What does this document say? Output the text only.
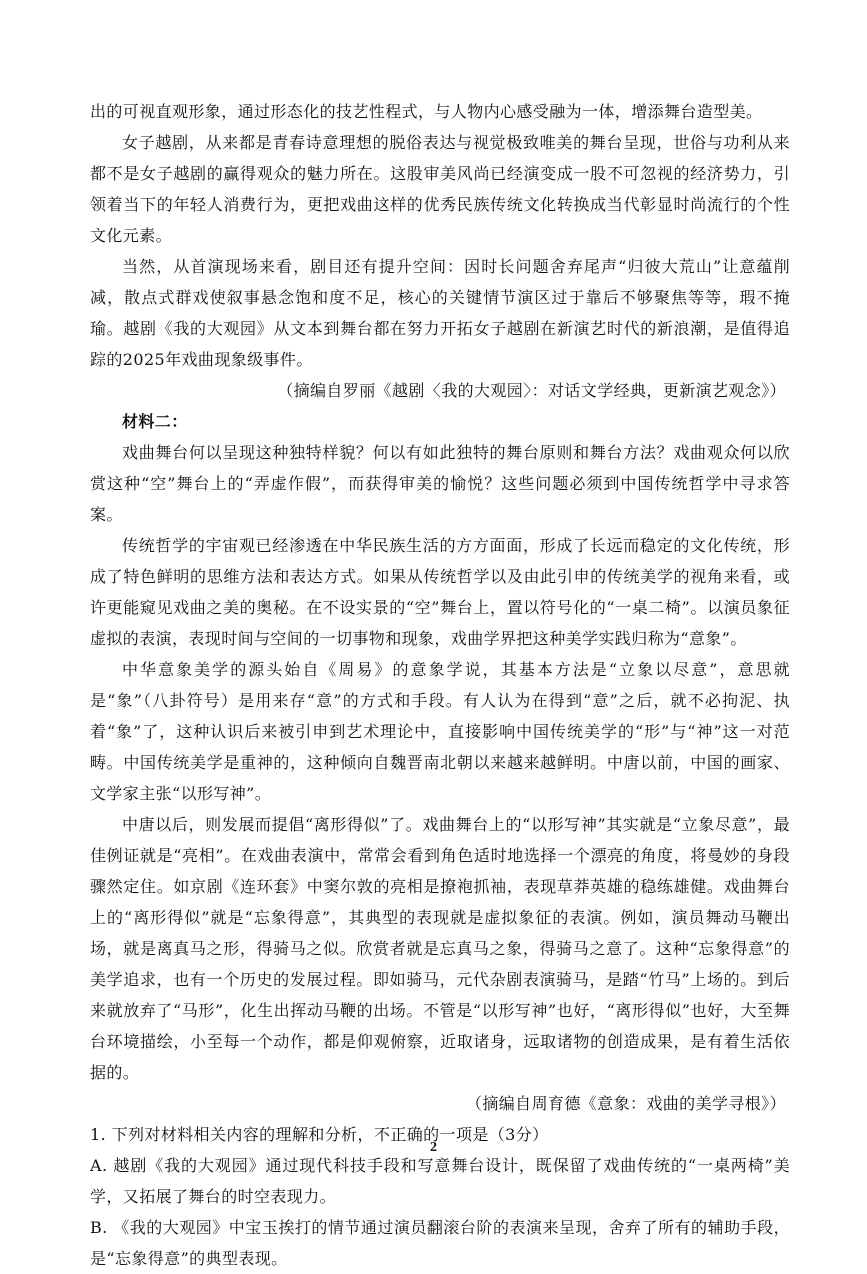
出的可视直观形象，通过形态化的技艺性程式，与人物内心感受融为一体，增添舞台造型美。

女子越剧，从来都是青春诗意理想的脱俗表达与视觉极致唯美的舞台呈现，世俗与功利从来都不是女子越剧的赢得观众的魅力所在。这股审美风尚已经演变成一股不可忽视的经济势力，引领着当下的年轻人消费行为，更把戏曲这样的优秀民族传统文化转换成当代彰显时尚流行的个性文化元素。

当然，从首演现场来看，剧目还有提升空间：因时长问题舍弃尾声“归彼大荒山”让意蕴削减，散点式群戏使叙事悬念饱和度不足，核心的关键情节演区过于靠后不够聚焦等等，瑕不掩瑜。越剧《我的大观园》从文本到舞台都在努力开拓女子越剧在新演艺时代的新浪潮，是值得追踪的2025年戏曲现象级事件。

（摘编自罗丽《越剧〈我的大观园〉：对话文学经典，更新演艺观念》）

材料二：

戏曲舞台何以呈现这种独特样貌？何以有如此独特的舞台原则和舞台方法？戏曲观众何以欣赏这种“空”舞台上的“弄虚作假”，而获得审美的愉悦？这些问题必须到中国传统哲学中寻求答案。

传统哲学的宇宙观已经渗透在中华民族生活的方方面面，形成了长远而稳定的文化传统，形成了特色鲜明的思维方法和表达方式。如果从传统哲学以及由此引申的传统美学的视角来看，或许更能窥见戏曲之美的奥秘。在不设实景的“空”舞台上，置以符号化的“一桌二椅”。以演员象征虚拟的表演，表现时间与空间的一切事物和现象，戏曲学界把这种美学实践归称为“意象”。

中华意象美学的源头始自《周易》的意象学说，其基本方法是“立象以尽意”，意思就是“象”（八卦符号）是用来存“意”的方式和手段。有人认为在得到“意”之后，就不必拘泥、执着“象”了，这种认识后来被引申到艺术理论中，直接影响中国传统美学的“形”与“神”这一对范畴。中国传统美学是重神的，这种倾向自魏晋南北朝以来越来越鲜明。中唐以前，中国的画家、文学家主张“以形写神”。

中唐以后，则发展而提倡“离形得似”了。戏曲舞台上的“以形写神”其实就是“立象尽意”，最佳例证就是“亮相”。在戏曲表演中，常常会看到角色适时地选择一个漂亮的角度，将曼妙的身段骤然定住。如京剧《连环套》中窦尔敦的亮相是撩袍抓袖，表现草莽英雄的稳练雄健。戏曲舞台上的“离形得似”就是“忘象得意”，其典型的表现就是虚拟象征的表演。例如，演员舞动马鞭出场，就是离真马之形，得骑马之似。欣赏者就是忘真马之象，得骑马之意了。这种“忘象得意”的美学追求，也有一个历史的发展过程。即如骑马，元代杂剧表演骑马，是踏“竹马”上场的。到后来就放弃了“马形”，化生出挥动马鞭的出场。不管是“以形写神”也好，“离形得似”也好，大至舞台环境描绘，小至每一个动作，都是仰观俯察，近取诸身，远取诸物的创造成果，是有着生活依据的。

（摘编自周育德《意象：戏曲的美学寻根》）

1. 下列对材料相关内容的理解和分析，不正确的一项是（3分）

A. 越剧《我的大观园》通过现代科技手段和写意舞台设计，既保留了戏曲传统的“一桌两椅”美学，又拓展了舞台的时空表现力。

B. 《我的大观园》中宝玉挨打的情节通过演员翻滚台阶的表演来呈现，舍弃了所有的辅助手段，是“忘象得意”的典型表现。

2
